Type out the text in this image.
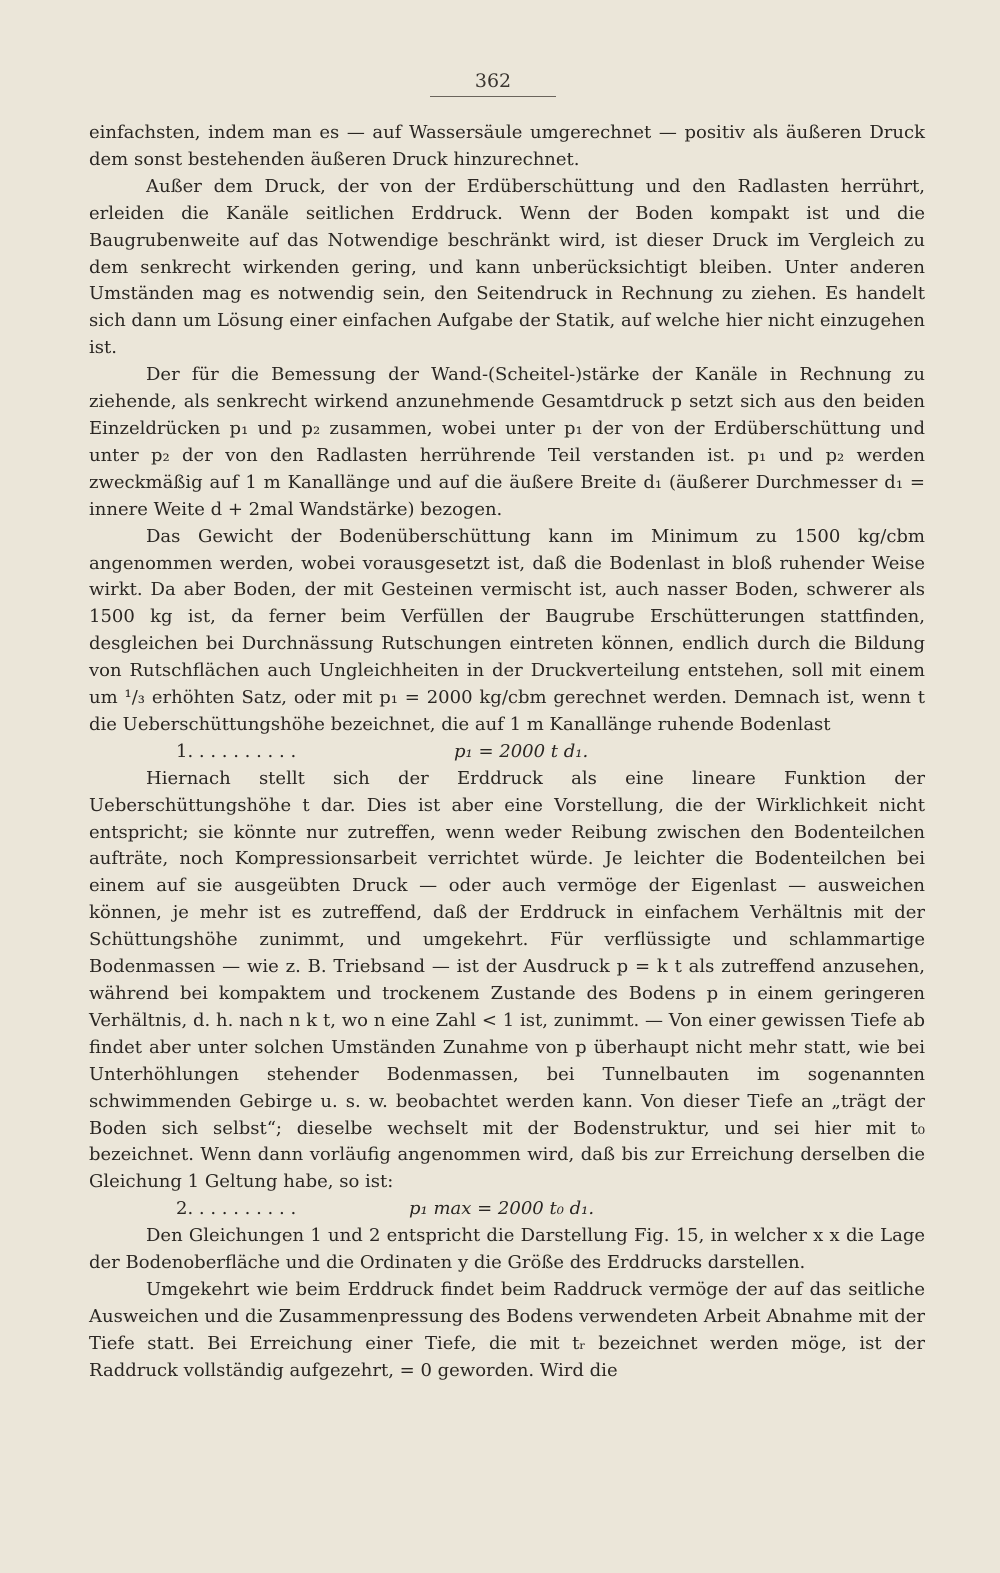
362

einfachsten, indem man es — auf Wassersäule umgerechnet — positiv als äußeren Druck dem sonst bestehenden äußeren Druck hinzurechnet.

Außer dem Druck, der von der Erdüberschüttung und den Radlasten herrührt, erleiden die Kanäle seitlichen Erddruck. Wenn der Boden kompakt ist und die Baugrubenweite auf das Notwendige beschränkt wird, ist dieser Druck im Vergleich zu dem senkrecht wirkenden gering, und kann unberücksichtigt bleiben. Unter anderen Umständen mag es notwendig sein, den Seitendruck in Rechnung zu ziehen. Es handelt sich dann um Lösung einer einfachen Aufgabe der Statik, auf welche hier nicht einzugehen ist.

Der für die Bemessung der Wand-(Scheitel-)stärke der Kanäle in Rechnung zu ziehende, als senkrecht wirkend anzunehmende Gesamtdruck p setzt sich aus den beiden Einzeldrücken p₁ und p₂ zusammen, wobei unter p₁ der von der Erdüberschüttung und unter p₂ der von den Radlasten herrührende Teil verstanden ist. p₁ und p₂ werden zweckmäßig auf 1 m Kanallänge und auf die äußere Breite d₁ (äußerer Durchmesser d₁ = innere Weite d + 2mal Wandstärke) bezogen.

Das Gewicht der Bodenüberschüttung kann im Minimum zu 1500 kg/cbm angenommen werden, wobei vorausgesetzt ist, daß die Bodenlast in bloß ruhender Weise wirkt. Da aber Boden, der mit Gesteinen vermischt ist, auch nasser Boden, schwerer als 1500 kg ist, da ferner beim Verfüllen der Baugrube Erschütterungen stattfinden, desgleichen bei Durchnässung Rutschungen eintreten können, endlich durch die Bildung von Rutschflächen auch Ungleichheiten in der Druckverteilung entstehen, soll mit einem um ¹/₃ erhöhten Satz, oder mit p₁ = 2000 kg/cbm gerechnet werden. Demnach ist, wenn t die Ueberschüttungshöhe bezeichnet, die auf 1 m Kanallänge ruhende Bodenlast

1. . . . . . . . . .	p₁ = 2000 t d₁.

Hiernach stellt sich der Erddruck als eine lineare Funktion der Ueberschüttungshöhe t dar. Dies ist aber eine Vorstellung, die der Wirklichkeit nicht entspricht; sie könnte nur zutreffen, wenn weder Reibung zwischen den Bodenteilchen aufträte, noch Kompressionsarbeit verrichtet würde. Je leichter die Bodenteilchen bei einem auf sie ausgeübten Druck — oder auch vermöge der Eigenlast — ausweichen können, je mehr ist es zutreffend, daß der Erddruck in einfachem Verhältnis mit der Schüttungshöhe zunimmt, und umgekehrt. Für verflüssigte und schlammartige Bodenmassen — wie z. B. Triebsand — ist der Ausdruck p = k t als zutreffend anzusehen, während bei kompaktem und trockenem Zustande des Bodens p in einem geringeren Verhältnis, d. h. nach n k t, wo n eine Zahl < 1 ist, zunimmt. — Von einer gewissen Tiefe ab findet aber unter solchen Umständen Zunahme von p überhaupt nicht mehr statt, wie bei Unterhöhlungen stehender Bodenmassen, bei Tunnelbauten im sogenannten schwimmenden Gebirge u. s. w. beobachtet werden kann. Von dieser Tiefe an „trägt der Boden sich selbst“; dieselbe wechselt mit der Bodenstruktur, und sei hier mit t₀ bezeichnet. Wenn dann vorläufig angenommen wird, daß bis zur Erreichung derselben die Gleichung 1 Geltung habe, so ist:

2. . . . . . . . . .	p₁ max = 2000 t₀ d₁.

Den Gleichungen 1 und 2 entspricht die Darstellung Fig. 15, in welcher x x die Lage der Bodenoberfläche und die Ordinaten y die Größe des Erddrucks darstellen.

Umgekehrt wie beim Erddruck findet beim Raddruck vermöge der auf das seitliche Ausweichen und die Zusammenpressung des Bodens verwendeten Arbeit Abnahme mit der Tiefe statt. Bei Erreichung einer Tiefe, die mit tᵣ bezeichnet werden möge, ist der Raddruck vollständig aufgezehrt, = 0 geworden. Wird die
